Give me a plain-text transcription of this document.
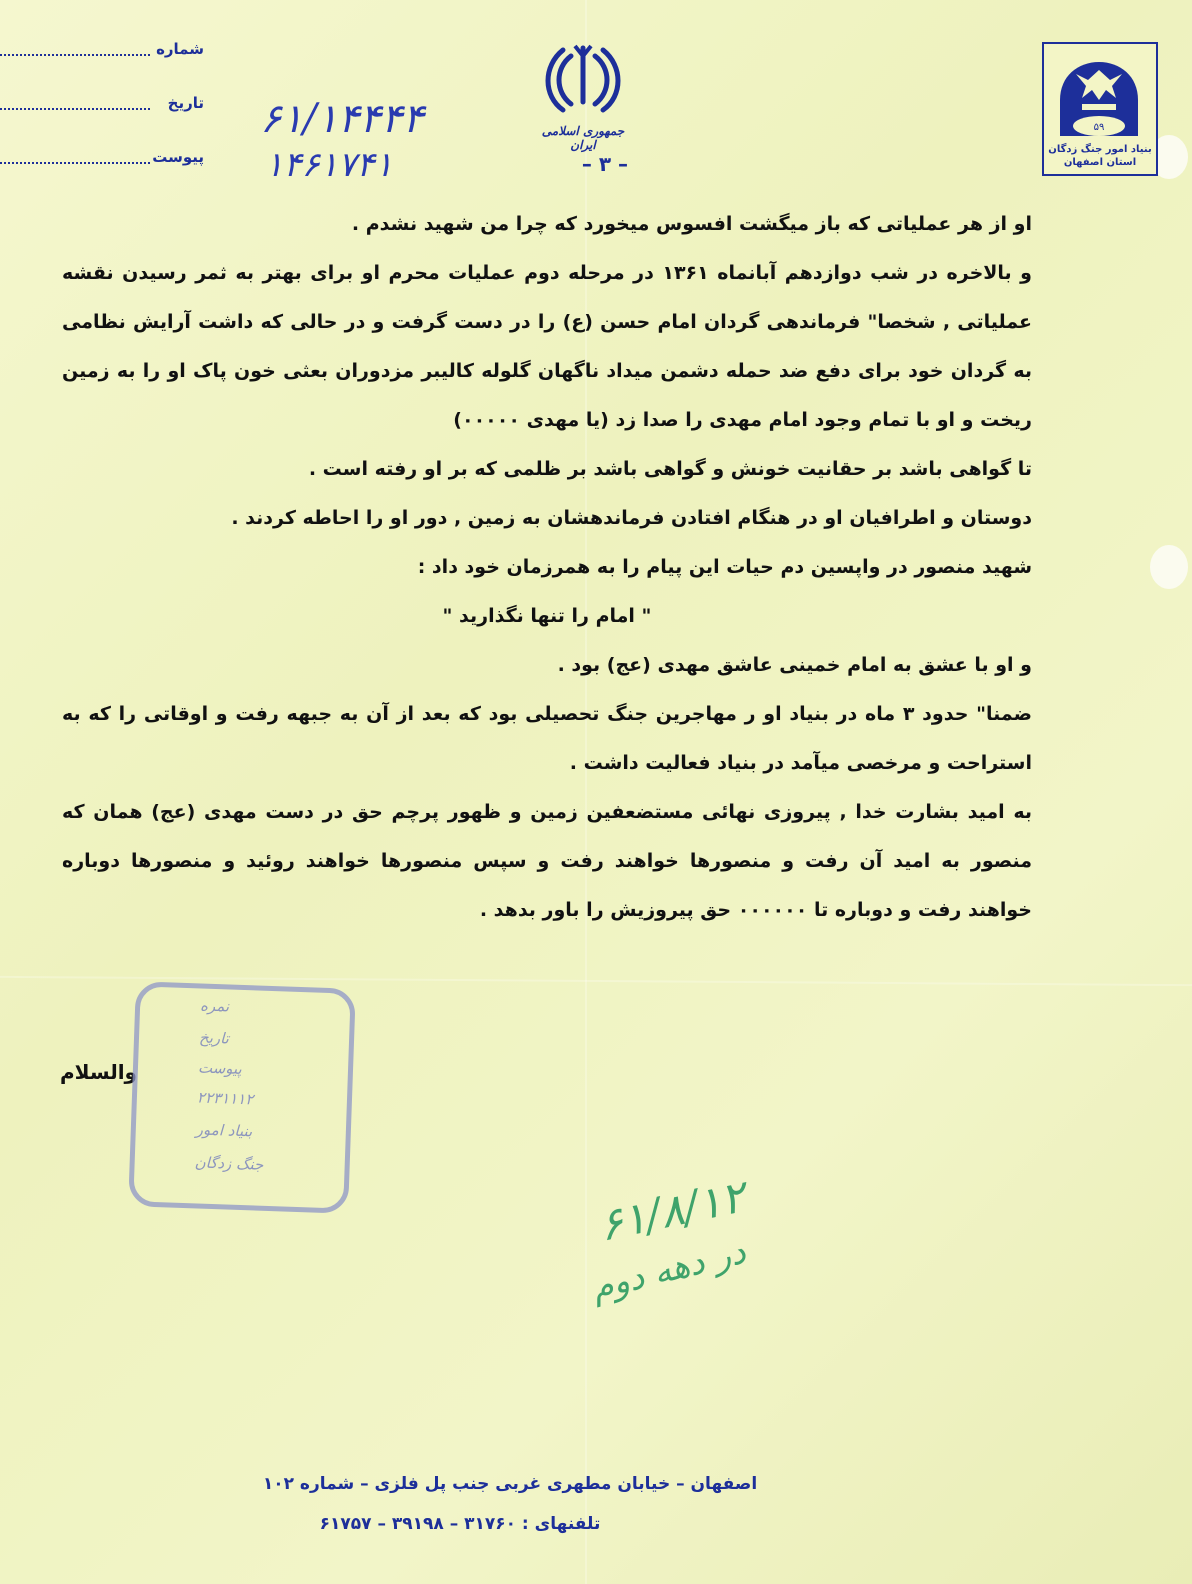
شماره
تاریخ
پیوست
۶۱/۱۴۴۴۴
۱۴۶۱۷۴۱
جمهوری اسلامی ایران
– ۳ –
۵۹
بنیاد امور جنگ زدگان
استان اصفهان

او از هر عملیاتی که باز میگشت افسوس میخورد که چرا من شهید نشدم .

و بالاخره در شب دوازدهم آبانماه ۱۳۶۱ در مرحله دوم عملیات محرم او برای بهتر به ثمر رسیدن نقشه عملیاتی , شخصا" فرماندهی گردان امام حسن (ع) را در دست گرفت و در حالی که داشت آرایش نظامی به گردان خود برای دفع ضد حمله دشمن میداد ناگهان گلوله کالیبر مزدوران بعثی خون پاک او را به زمین ریخت و او با تمام وجود امام مهدی را صدا زد (یا مهدی ٠٠٠٠٠)

تا گواهی باشد بر حقانیت خونش و گواهی باشد بر ظلمی که بر او رفته است .

دوستان و اطرافیان او در هنگام افتادن فرماندهشان به زمین , دور او را احاطه کردند .

شهید منصور در واپسین دم حیات این پیام را به همرزمان خود داد :

" امام را تنها نگذارید "

و او با عشق به امام خمینی عاشق مهدی (عج) بود .

ضمنا" حدود ۳ ماه در بنیاد او ر مهاجرین جنگ تحصیلی بود که بعد از آن به جبهه رفت و اوقاتی را که به استراحت و مرخصی میآمد در بنیاد فعالیت داشت .

به امید بشارت خدا , پیروزی نهائی مستضعفین زمین و ظهور پرچم حق در دست مهدی (عج) همان که منصور به امید آن رفت و منصورها خواهند رفت و سپس منصورها خواهند روئید و منصورها دوباره خواهند رفت و دوباره تا ٠٠٠٠٠٠ حق پیروزیش را باور بدهد .

والسلام
نمره
تاریخ
پیوست
۲۲۳۱۱۱۲
بنیاد امور
جنگ زدگان
۶۱/۸/۱۲
در دهه دوم
اصفهان – خیابان مطهری غربی جنب پل فلزی – شماره ۱۰۲
تلفنهای : ۳۱۷۶۰ – ۳۹۱۹۸ – ۶۱۷۵۷
